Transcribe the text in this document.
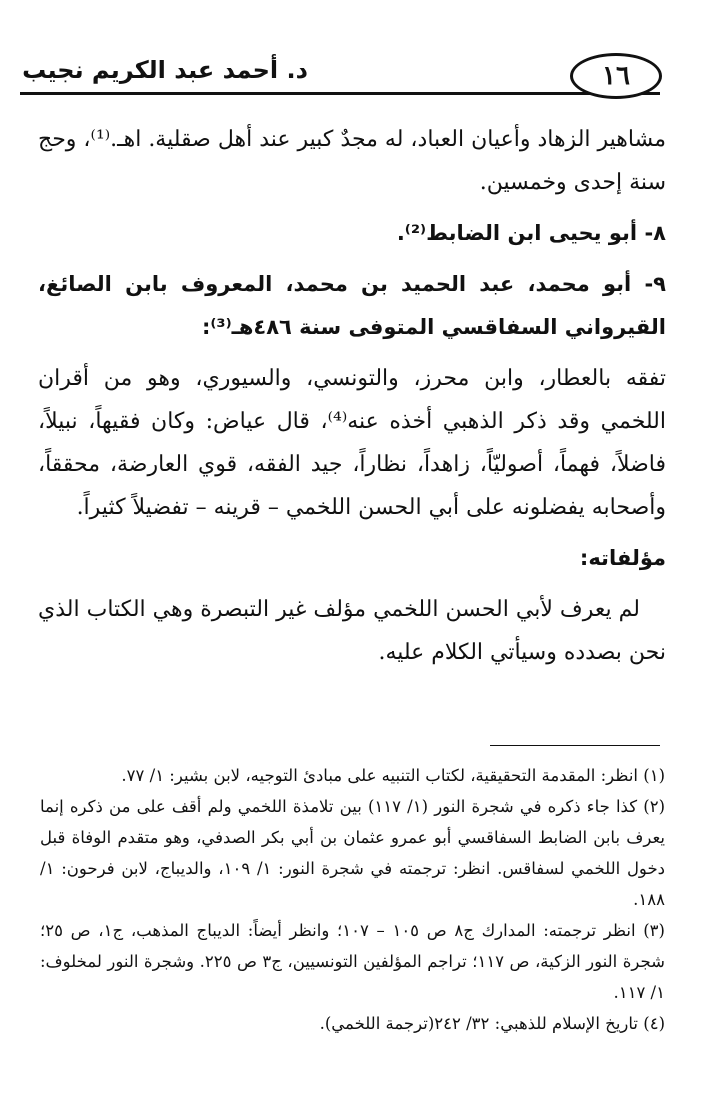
د. أحمد عبد الكريم نجيب	١٦

مشاهير الزهاد وأعيان العباد، له مجدٌ كبير عند أهل صقلية. اهـ.⁽¹⁾، وحج سنة إحدى وخمسين.

٨- أبو يحيى ابن الضابط⁽²⁾.

٩- أبو محمد، عبد الحميد بن محمد، المعروف بابن الصائغ، القيرواني السفاقسي المتوفى سنة ٤٨٦هـ⁽³⁾:

تفقه بالعطار، وابن محرز، والتونسي، والسيوري، وهو من أقران اللخمي وقد ذكر الذهبي أخذه عنه⁽⁴⁾، قال عياض: وكان فقيهاً، نبيلاً، فاضلاً، فهماً، أصوليّاً، زاهداً، نظاراً، جيد الفقه، قوي العارضة، محققاً، وأصحابه يفضلونه على أبي الحسن اللخمي – قرينه – تفضيلاً كثيراً.

مؤلفاته:

لم يعرف لأبي الحسن اللخمي مؤلف غير التبصرة وهي الكتاب الذي نحن بصدده وسيأتي الكلام عليه.

(١) انظر: المقدمة التحقيقية، لكتاب التنبيه على مبادئ التوجيه، لابن بشير: ١/ ٧٧.

(٢) كذا جاء ذكره في شجرة النور (١/ ١١٧) بين تلامذة اللخمي ولم أقف على من ذكره إنما يعرف بابن الضابط السفاقسي أبو عمرو عثمان بن أبي بكر الصدفي، وهو متقدم الوفاة قبل دخول اللخمي لسفاقس. انظر: ترجمته في شجرة النور: ١/ ١٠٩، والديباج، لابن فرحون: ١/ ١٨٨.

(٣) انظر ترجمته: المدارك ج٨ ص ١٠٥ – ١٠٧؛ وانظر أيضاً: الديباج المذهب، ج١، ص ٢٥؛ شجرة النور الزكية، ص ١١٧؛ تراجم المؤلفين التونسيين، ج٣ ص ٢٢٥. وشجرة النور لمخلوف: ١/ ١١٧.

(٤) تاريخ الإسلام للذهبي: ٣٢/ ٢٤٢(ترجمة اللخمي).
